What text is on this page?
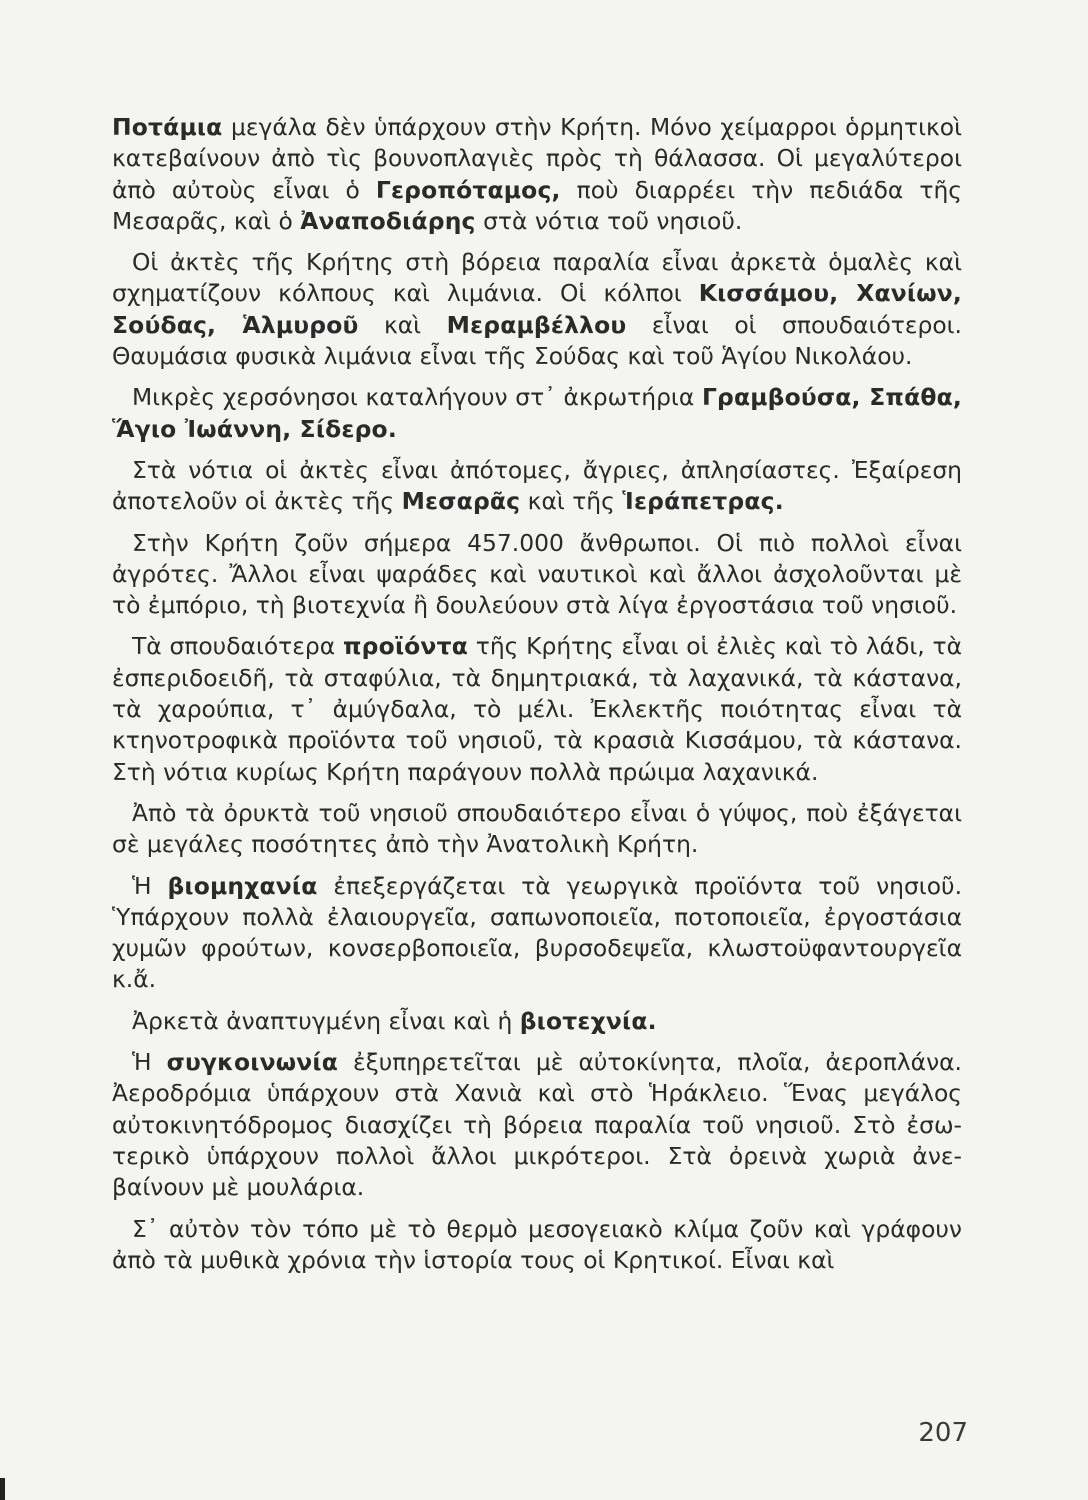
Ποτάμια μεγάλα δὲν ὑπάρχουν στὴν Κρήτη. Μόνο χείμαρροι ὁρμητικοὶ κατεβαίνουν ἀπὸ τὶς βουνοπλαγιὲς πρὸς τὴ θάλασσα. Οἱ μεγαλύτεροι ἀπὸ αὐτοὺς εἶναι ὁ Γεροπόταμος, ποὺ διαρρέει τὴν πεδιάδα τῆς Μεσαρᾶς, καὶ ὁ Ἀναποδιάρης στὰ νότια τοῦ νησιοῦ.

Οἱ ἀκτὲς τῆς Κρήτης στὴ βόρεια παραλία εἶναι ἀρκετὰ ὁμαλὲς καὶ σχηματίζουν κόλπους καὶ λιμάνια. Οἱ κόλποι Κισσάμου, Χανίων, Σούδας, Ἁλμυροῦ καὶ Μεραμβέλλου εἶναι οἱ σπουδαιότεροι. Θαυμάσια φυσικὰ λιμάνια εἶναι τῆς Σούδας καὶ τοῦ Ἁγίου Νικολάου.

Μικρὲς χερσόνησοι καταλήγουν στ᾽ ἀκρωτήρια Γραμβούσα, Σπάθα, Ἅγιο Ἰωάννη, Σίδερο.

Στὰ νότια οἱ ἀκτὲς εἶναι ἀπότομες, ἄγριες, ἀπλησίαστες. Ἐξαίρεση ἀποτελοῦν οἱ ἀκτὲς τῆς Μεσαρᾶς καὶ τῆς Ἱεράπετρας.

Στὴν Κρήτη ζοῦν σήμερα 457.000 ἄνθρωποι. Οἱ πιὸ πολλοὶ εἶναι ἀγρότες. Ἄλλοι εἶναι ψαράδες καὶ ναυτικοὶ καὶ ἄλλοι ἀσχολοῦνται μὲ τὸ ἐμπόριο, τὴ βιοτεχνία ἢ δουλεύουν στὰ λίγα ἐργοστάσια τοῦ νησιοῦ.

Τὰ σπουδαιότερα προϊόντα τῆς Κρήτης εἶναι οἱ ἐλιὲς καὶ τὸ λάδι, τὰ ἐσπεριδοειδῆ, τὰ σταφύλια, τὰ δημητριακά, τὰ λαχανικά, τὰ κάστανα, τὰ χαρούπια, τ᾽ ἀμύγδαλα, τὸ μέλι. Ἐκλεκτῆς ποιότητας εἶναι τὰ κτηνοτροφικὰ προϊόντα τοῦ νησιοῦ, τὰ κρασιὰ Κισσάμου, τὰ κάστανα. Στὴ νότια κυρίως Κρήτη παράγουν πολλὰ πρώιμα λαχανικά.

Ἀπὸ τὰ ὀρυκτὰ τοῦ νησιοῦ σπουδαιότερο εἶναι ὁ γύψος, ποὺ ἐξάγεται σὲ μεγάλες ποσότητες ἀπὸ τὴν Ἀνατολικὴ Κρήτη.

Ἡ βιομηχανία ἐπεξεργάζεται τὰ γεωργικὰ προϊόντα τοῦ νησιοῦ. Ὑπάρχουν πολλὰ ἐλαιουργεῖα, σαπωνοποιεῖα, ποτοποιεῖα, ἐργοστάσια χυμῶν φρούτων, κονσερβοποιεῖα, βυρσοδεψεῖα, κλωστοϋφαντουργεῖα κ.ἄ.

Ἀρκετὰ ἀναπτυγμένη εἶναι καὶ ἡ βιοτεχνία.

Ἡ συγκοινωνία ἐξυπηρετεῖται μὲ αὐτοκίνητα, πλοῖα, ἀεροπλάνα. Ἀεροδρόμια ὑπάρχουν στὰ Χανιὰ καὶ στὸ Ἡράκλειο. Ἕνας μεγάλος αὐτοκινητόδρομος διασχίζει τὴ βόρεια παραλία τοῦ νησιοῦ. Στὸ ἐσωτερικὸ ὑπάρχουν πολλοὶ ἄλλοι μικρότεροι. Στὰ ὀρεινὰ χωριὰ ἀνεβαίνουν μὲ μουλάρια.

Σ᾽ αὐτὸν τὸν τόπο μὲ τὸ θερμὸ μεσογειακὸ κλίμα ζοῦν καὶ γράφουν ἀπὸ τὰ μυθικὰ χρόνια τὴν ἱστορία τους οἱ Κρητικοί. Εἶναι καὶ

207
